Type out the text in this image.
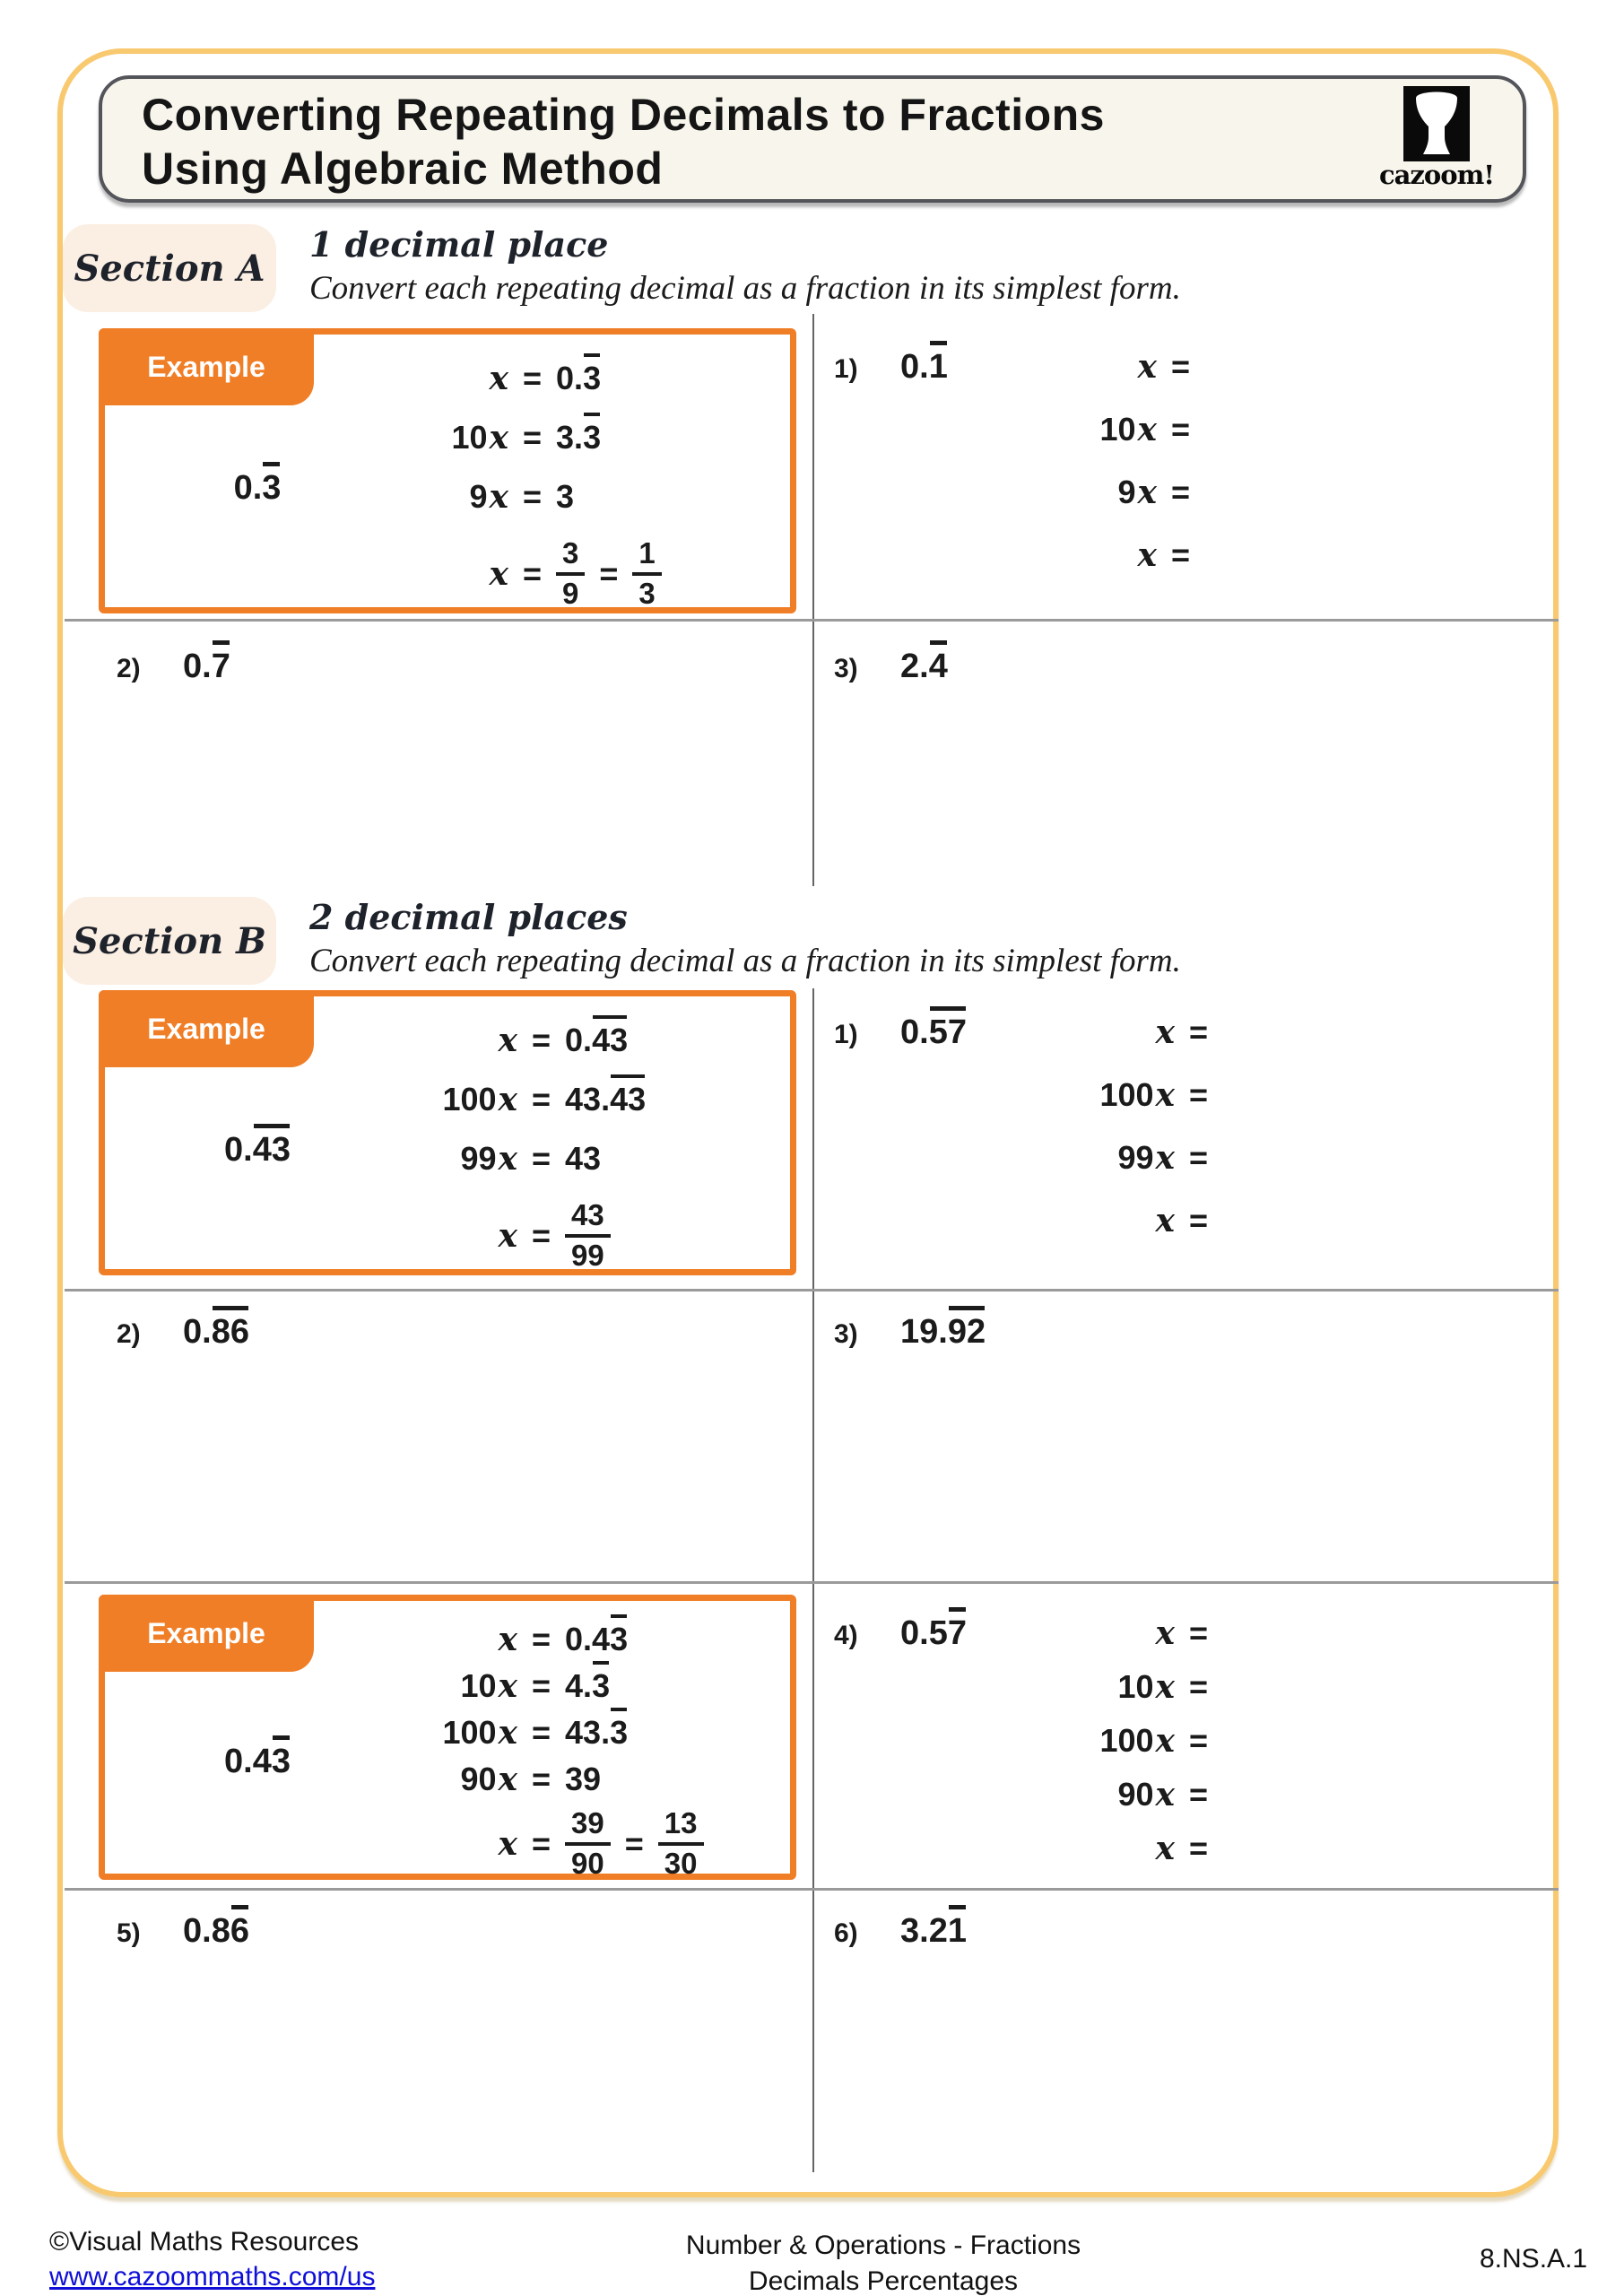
Converting Repeating Decimals to Fractions
Using Algebraic Method	cazoom!
Section A
1 decimal place
Convert each repeating decimal as a fraction in its simplest form.
Example
0.3
x = 0.3
10x = 3.3
9x = 3
$x = \frac{3}{9} = \frac{1}{3}$
1)	0.1	x =
10x =
9x =
x =
2)	0.7	3)	2.4
Section B
2 decimal places
Convert each repeating decimal as a fraction in its simplest form.
Example
0.43
x = 0.43
100x = 43.43
99x = 43
$x = \frac{43}{99}$
1)	0.57	x =
100x =
99x =
x =
2)	0.86	3)	19.92
Example
0.43
x = 0.43
10x = 4.3
100x = 43.3
90x = 39
$x = \frac{39}{90} = \frac{13}{30}$
4)	0.57	x =
10x =
100x =
90x =
x =
5)	0.86	6)	3.21
©Visual Maths Resources
www.cazoommaths.com/us
Number & Operations - Fractions
Decimals Percentages
8.NS.A.1
